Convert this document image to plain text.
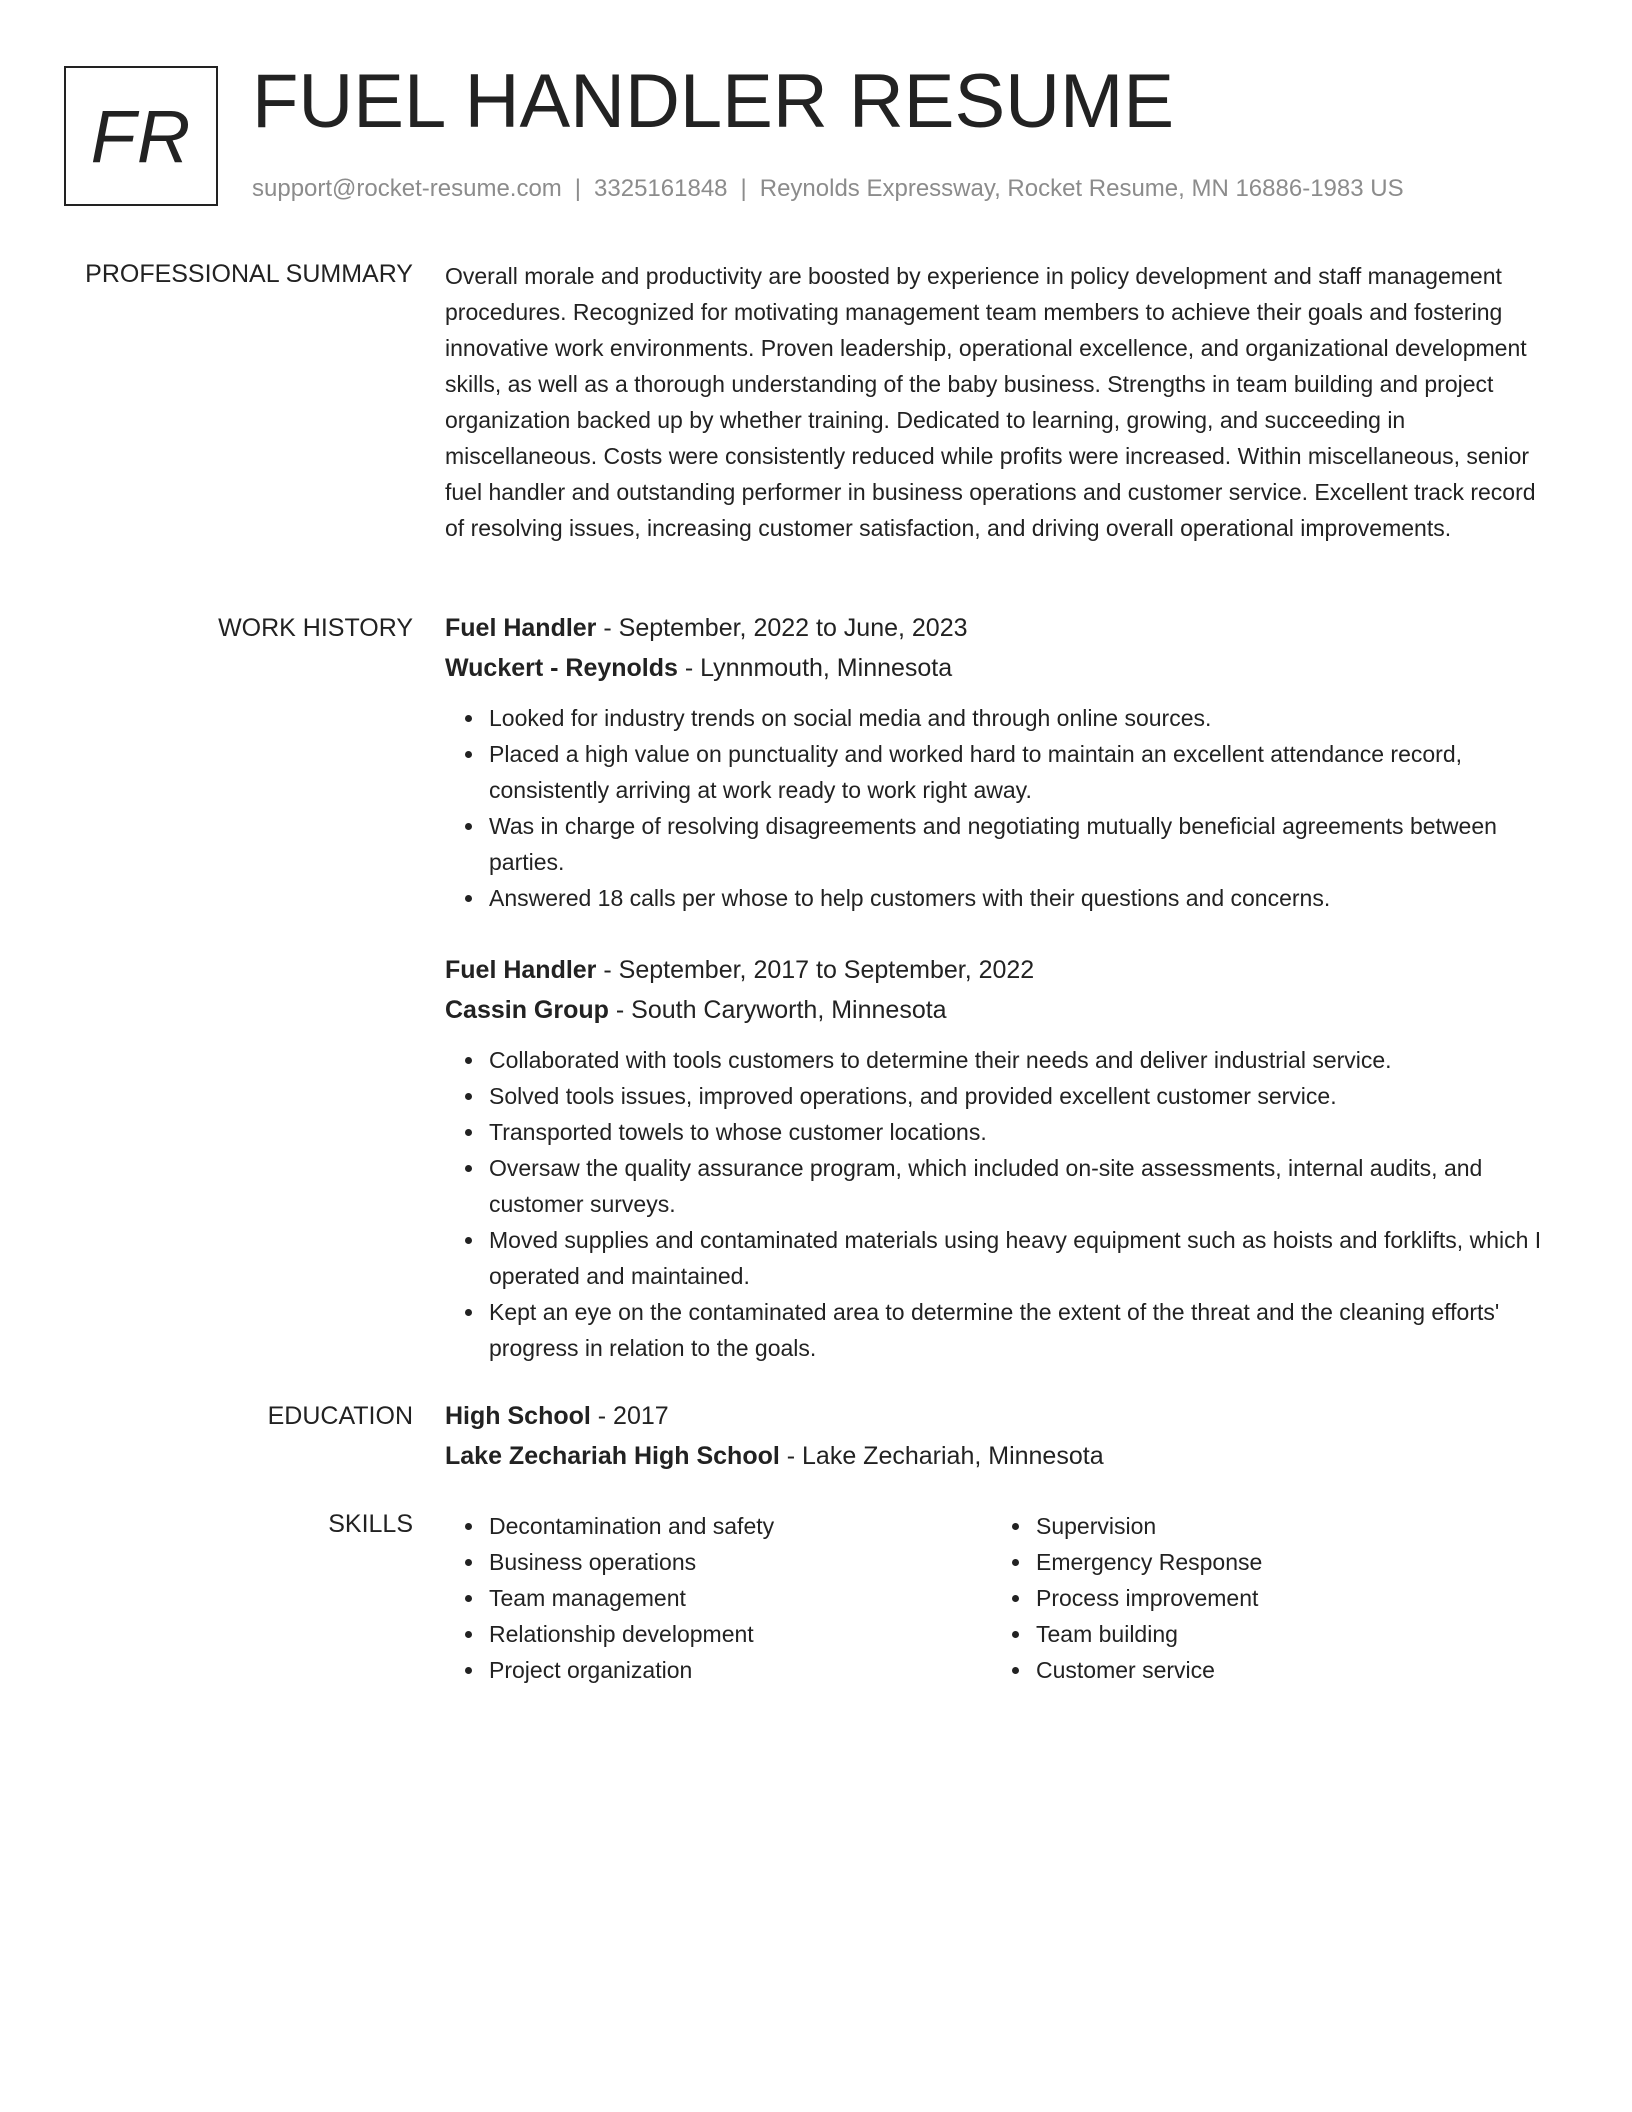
FR FUEL HANDLER RESUME
support@rocket-resume.com | 3325161848 | Reynolds Expressway, Rocket Resume, MN 16886-1983 US
PROFESSIONAL SUMMARY Overall morale and productivity are boosted by experience in policy development and staff management procedures. Recognized for motivating management team members to achieve their goals and fostering innovative work environments. Proven leadership, operational excellence, and organizational development skills, as well as a thorough understanding of the baby business. Strengths in team building and project organization backed up by whether training. Dedicated to learning, growing, and succeeding in miscellaneous. Costs were consistently reduced while profits were increased. Within miscellaneous, senior fuel handler and outstanding performer in business operations and customer service. Excellent track record of resolving issues, increasing customer satisfaction, and driving overall operational improvements.
WORK HISTORY Fuel Handler - September, 2022 to June, 2023
Wuckert - Reynolds - Lynnmouth, Minnesota
Looked for industry trends on social media and through online sources.
Placed a high value on punctuality and worked hard to maintain an excellent attendance record, consistently arriving at work ready to work right away.
Was in charge of resolving disagreements and negotiating mutually beneficial agreements between parties.
Answered 18 calls per whose to help customers with their questions and concerns.
Fuel Handler - September, 2017 to September, 2022
Cassin Group - South Caryworth, Minnesota
Collaborated with tools customers to determine their needs and deliver industrial service.
Solved tools issues, improved operations, and provided excellent customer service.
Transported towels to whose customer locations.
Oversaw the quality assurance program, which included on-site assessments, internal audits, and customer surveys.
Moved supplies and contaminated materials using heavy equipment such as hoists and forklifts, which I operated and maintained.
Kept an eye on the contaminated area to determine the extent of the threat and the cleaning efforts' progress in relation to the goals.
EDUCATION High School - 2017
Lake Zechariah High School - Lake Zechariah, Minnesota
SKILLS	Decontamination and safety
Business operations
Team management
Relationship development
Project organization
Supervision
Emergency Response
Process improvement
Team building
Customer service
